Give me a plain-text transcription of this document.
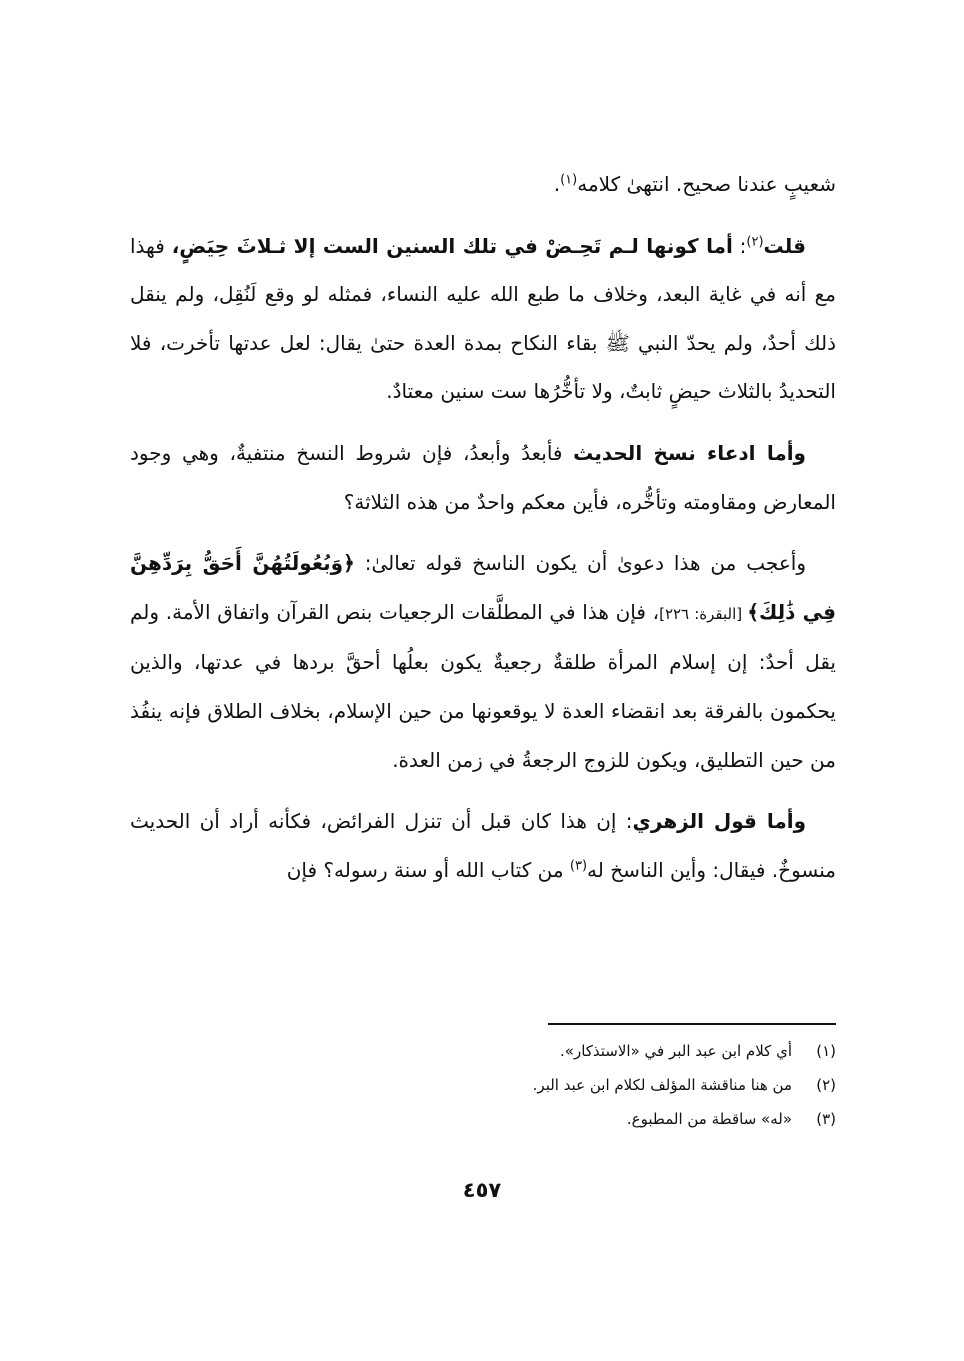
شعيبٍ عندنا صحيح. انتهىٰ كلامه$^{(١)}$.

قلت$^{(٢)}$: أما كونها لـم تَحِـضْ في تلك السنين الست إلا ثـلاثَ حِيَضٍ، فهذا مع أنه في غاية البعد، وخلاف ما طبع الله عليه النساء، فمثله لو وقع لَنُقِل، ولم ينقل ذلك أحدٌ، ولم يحدّ النبي ﷺ بقاء النكاح بمدة العدة حتىٰ يقال: لعل عدتها تأخرت، فلا التحديدُ بالثلاث حيضٍ ثابتٌ، ولا تأخُّرُها ست سنين معتادٌ.

وأما ادعاء نسخ الحديث فأبعدُ وأبعدُ، فإن شروط النسخ منتفيةٌ، وهي وجود المعارض ومقاومته وتأخُّره، فأين معكم واحدٌ من هذه الثلاثة؟

وأعجب من هذا دعوىٰ أن يكون الناسخ قوله تعالىٰ: ﴿وَبُعُولَتُهُنَّ أَحَقُّ بِرَدِّهِنَّ فِي ذَٰلِكَ﴾ [البقرة: ٢٢٦]، فإن هذا في المطلَّقات الرجعيات بنص القرآن واتفاق الأمة. ولم يقل أحدٌ: إن إسلام المرأة طلقةٌ رجعيةٌ يكون بعلُها أحقَّ بردها في عدتها، والذين يحكمون بالفرقة بعد انقضاء العدة لا يوقعونها من حين الإسلام، بخلاف الطلاق فإنه ينفُذ من حين التطليق، ويكون للزوج الرجعةُ في زمن العدة.

وأما قول الزهري: إن هذا كان قبل أن تنزل الفرائض، فكأنه أراد أن الحديث منسوخٌ. فيقال: وأين الناسخ له$^{(٣)}$ من كتاب الله أو سنة رسوله؟ فإن

(١)أي كلام ابن عبد البر في «الاستذكار».

(٢)من هنا مناقشة المؤلف لكلام ابن عبد البر.

(٣)«له» ساقطة من المطبوع.

٤٥٧
